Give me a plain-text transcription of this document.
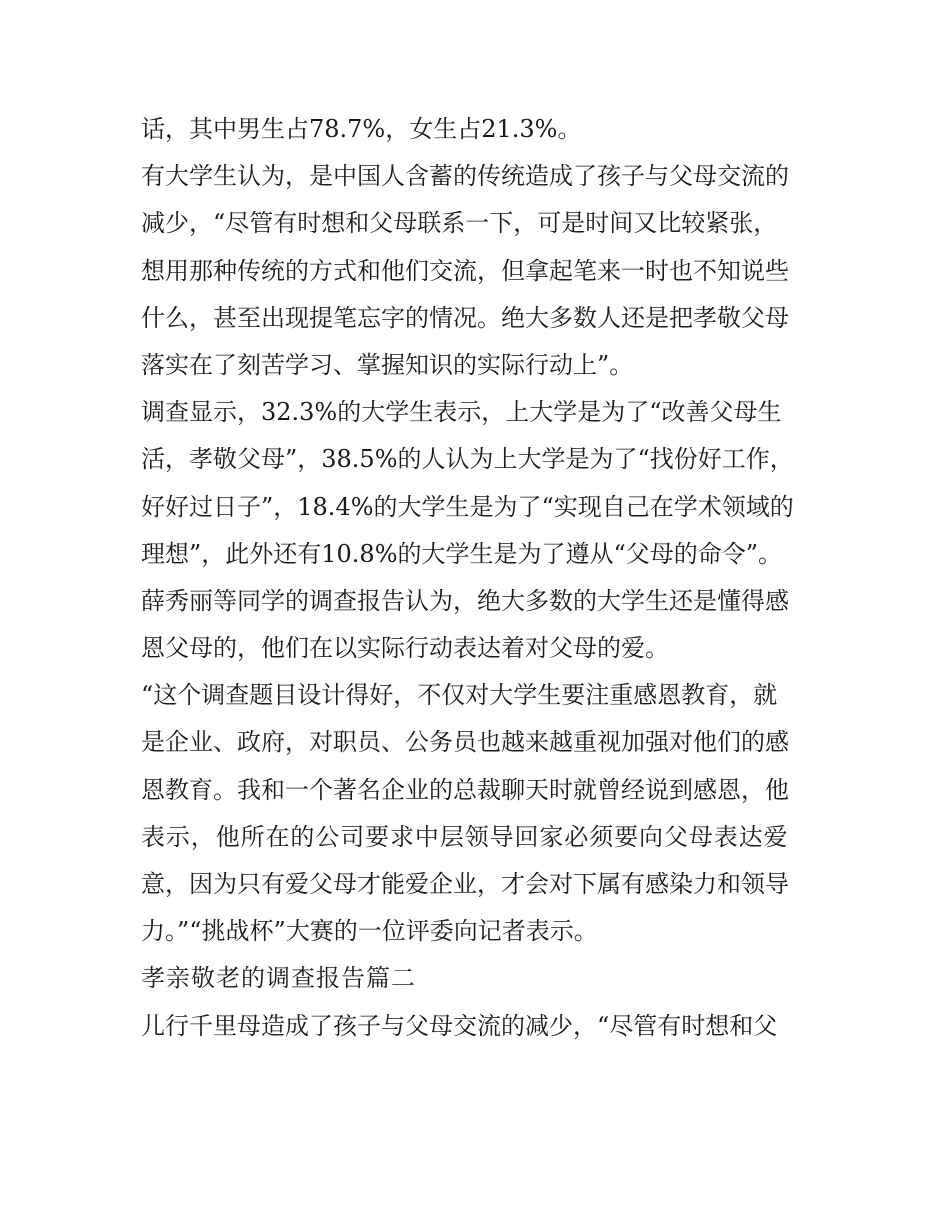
话，其中男生占78.7%，女生占21.3%。
有大学生认为，是中国人含蓄的传统造成了孩子与父母交流的
减少，“尽管有时想和父母联系一下，可是时间又比较紧张，
想用那种传统的方式和他们交流，但拿起笔来一时也不知说些
什么，甚至出现提笔忘字的情况。绝大多数人还是把孝敬父母
落实在了刻苦学习、掌握知识的实际行动上”。
调查显示，32.3%的大学生表示，上大学是为了“改善父母生
活，孝敬父母”，38.5%的人认为上大学是为了“找份好工作，
好好过日子”，18.4%的大学生是为了“实现自己在学术领域的
理想”，此外还有10.8%的大学生是为了遵从“父母的命令”。
薛秀丽等同学的调查报告认为，绝大多数的大学生还是懂得感
恩父母的，他们在以实际行动表达着对父母的爱。
“这个调查题目设计得好，不仅对大学生要注重感恩教育，就
是企业、政府，对职员、公务员也越来越重视加强对他们的感
恩教育。我和一个著名企业的总裁聊天时就曾经说到感恩，他
表示，他所在的公司要求中层领导回家必须要向父母表达爱
意，因为只有爱父母才能爱企业，才会对下属有感染力和领导
力。”“挑战杯”大赛的一位评委向记者表示。
孝亲敬老的调查报告篇二
儿行千里母造成了孩子与父母交流的减少，“尽管有时想和父
